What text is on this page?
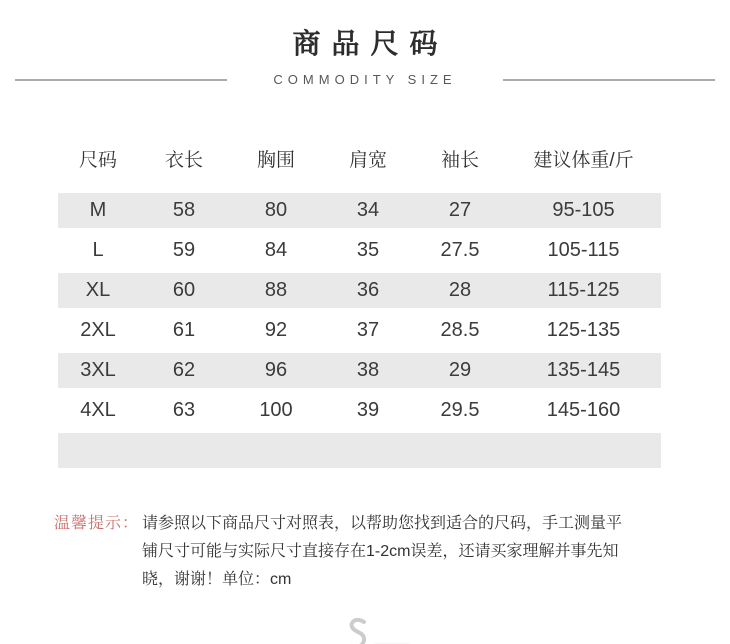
商品尺码
COMMODITY SIZE
尺码	衣长	胸围	肩宽	袖长	建议体重/斤
M	58	80	34	27	95-105
L	59	84	35	27.5	105-115
XL	60	88	36	28	115-125
2XL	61	92	37	28.5	125-135
3XL	62	96	38	29	135-145
4XL	63	100	39	29.5	145-160
温馨提示： 请参照以下商品尺寸对照表，以帮助您找到适合的尺码，手工测量平
铺尺寸可能与实际尺寸直接存在1-2cm误差，还请买家理解并事先知
晓，谢谢！单位：cm
